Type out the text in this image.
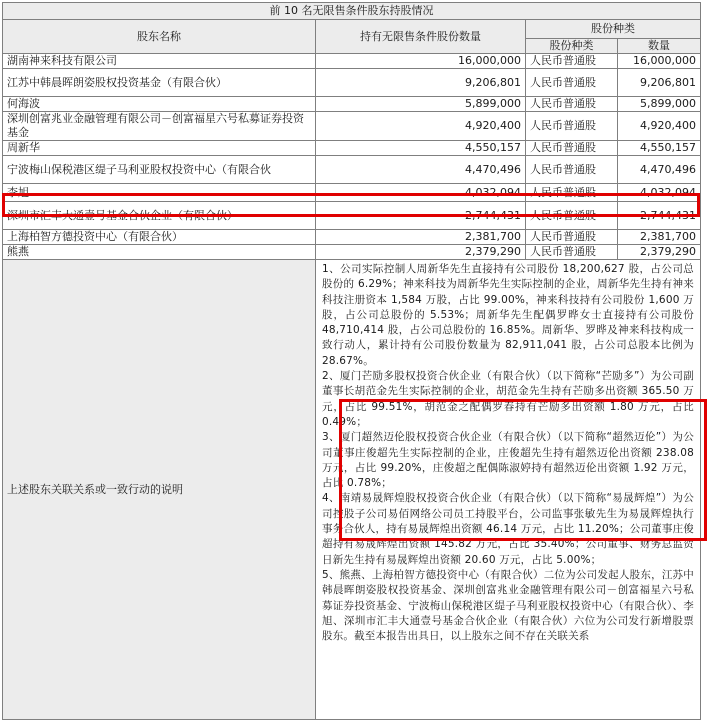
前 10 名无限售条件股东持股情况			
股东名称	持有无限售条件股份数量	股份种类	
		股份种类	数量
湖南神来科技有限公司	16,000,000	人民币普通股	16,000,000
江苏中韩晨晖朗姿股权投资基金（有限合伙）	9,206,801	人民币普通股	9,206,801
何海波	5,899,000	人民币普通股	5,899,000
深圳创富兆业金融管理有限公司－创富福星六号私募证券投资基金	4,920,400	人民币普通股	4,920,400
周新华	4,550,157	人民币普通股	4,550,157
宁波梅山保税港区缇子马利亚股权投资中心（有限合伙	4,470,496	人民币普通股	4,470,496
李旭	4,032,094	人民币普通股	4,032,094
深圳市汇丰大通壹号基金合伙企业（有限合伙）	2,744,431	人民币普通股	2,744,431
上海柏智方德投资中心（有限合伙）	2,381,700	人民币普通股	2,381,700
熊燕	2,379,290	人民币普通股	2,379,290
上述股东关联关系或一致行动的说明	1、公司实际控制人周新华先生直接持有公司股份 18,200,627 股，占公司总股份的 6.29%；神来科技为周新华先生实际控制的企业，周新华先生持有神来科技注册资本 1,584 万股，占比 99.00%，神来科技持有公司股份 1,600 万股，占公司总股份的 5.53%；周新华先生配偶罗晔女士直接持有公司股份 48,710,414 股，占公司总股份的 16.85%。周新华、罗晔及神来科技构成一致行动人，累计持有公司股份数量为 82,911,041 股，占公司总股本比例为 28.67%。

2、厦门芒励多股权投资合伙企业（有限合伙）（以下简称“芒励多”）为公司副董事长胡范金先生实际控制的企业，胡范金先生持有芒励多出资额 365.50 万元，占比 99.51%，胡范金之配偶罗春持有芒励多出资额 1.80 万元，占比 0.49%；

3、厦门超然迈伦股权投资合伙企业（有限合伙）（以下简称“超然迈伦”）为公司董事庄俊超先生实际控制的企业，庄俊超先生持有超然迈伦出资额 238.08 万元，占比 99.20%，庄俊超之配偶陈淑婷持有超然迈伦出资额 1.92 万元，占比 0.78%；

4、南靖易晟辉煌股权投资合伙企业（有限合伙）（以下简称“易晟辉煌”）为公司控股子公司易佰网络公司员工持股平台，公司监事张敏先生为易晟辉煌执行事务合伙人，持有易晟辉煌出资额 46.14 万元，占比 11.20%；公司董事庄俊超持有易晟辉煌出资额 145.82 万元，占比 35.40%；公司董事、财务总监贺日新先生持有易晟辉煌出资额 20.60 万元，占比 5.00%；

5、熊燕、上海柏智方德投资中心（有限合伙）二位为公司发起人股东，江苏中韩晨晖朗姿股权投资基金、深圳创富兆业金融管理有限公司－创富福星六号私募证券投资基金、宁波梅山保税港区缇子马利亚股权投资中心（有限合伙）、李旭、深圳市汇丰大通壹号基金合伙企业（有限合伙）六位为公司发行新增股票股东。截至本报告出具日，以上股东之间不存在关联关系		
